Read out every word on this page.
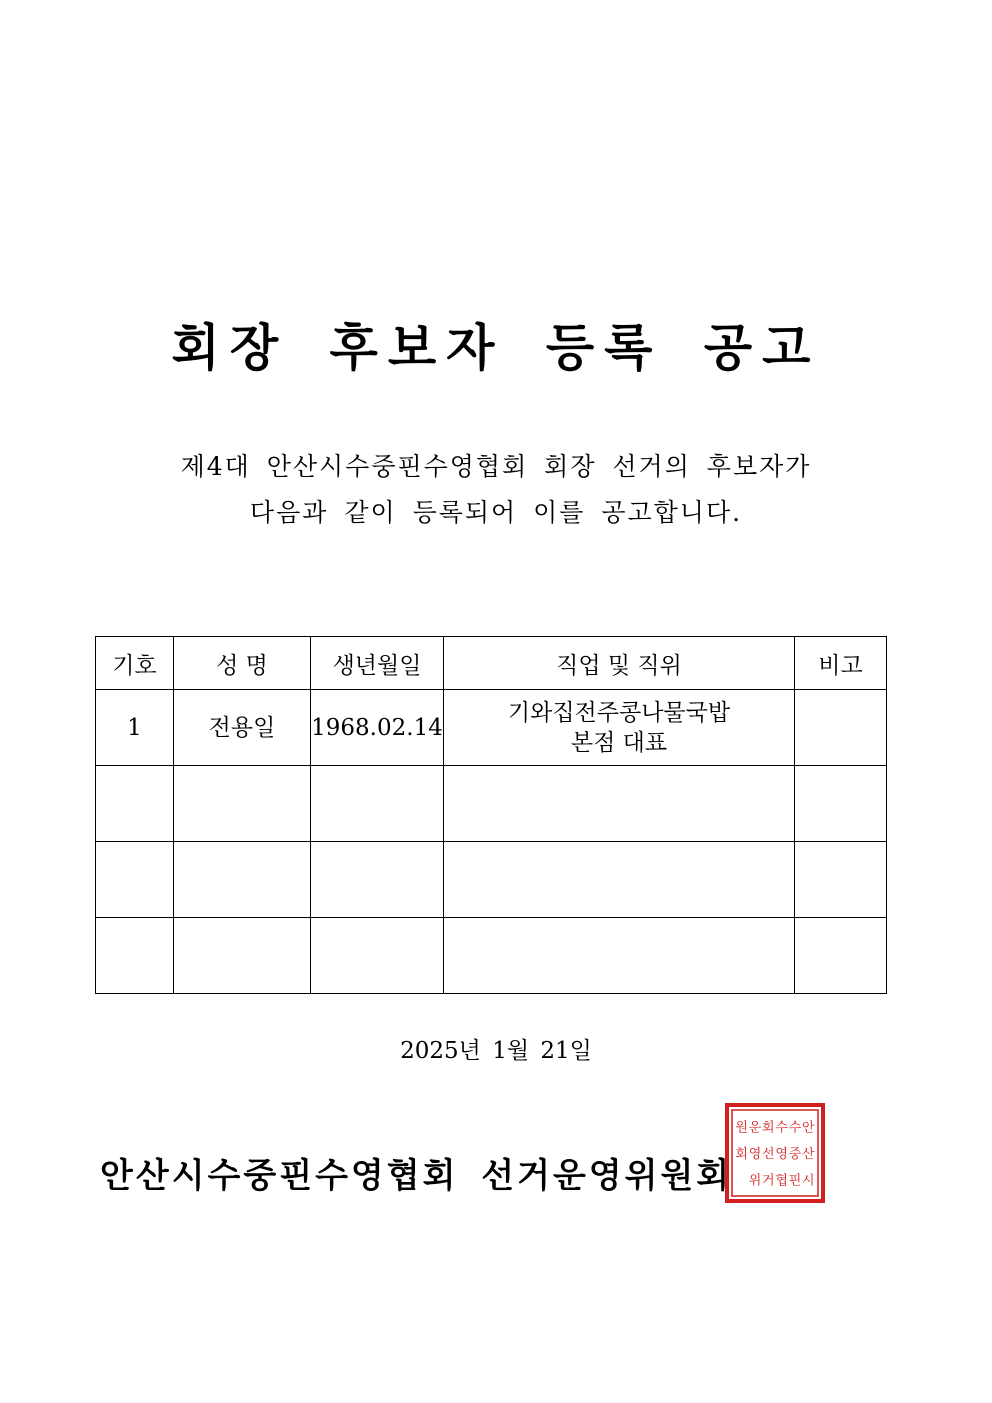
회장 후보자 등록 공고
제4대 안산시수중핀수영협회 회장 선거의 후보자가
다음과 같이 등록되어 이를 공고합니다.
기호	성 명	생년월일	직업 및 직위	비고
1	전용일	1968.02.14	기와집전주콩나물국밥
본점 대표	

2025년 1월 21일
안산시수중핀수영협회 선거운영위원회
안
산
시
수
중
핀
수
영
협
회
선
거
운
영
위
원
회
